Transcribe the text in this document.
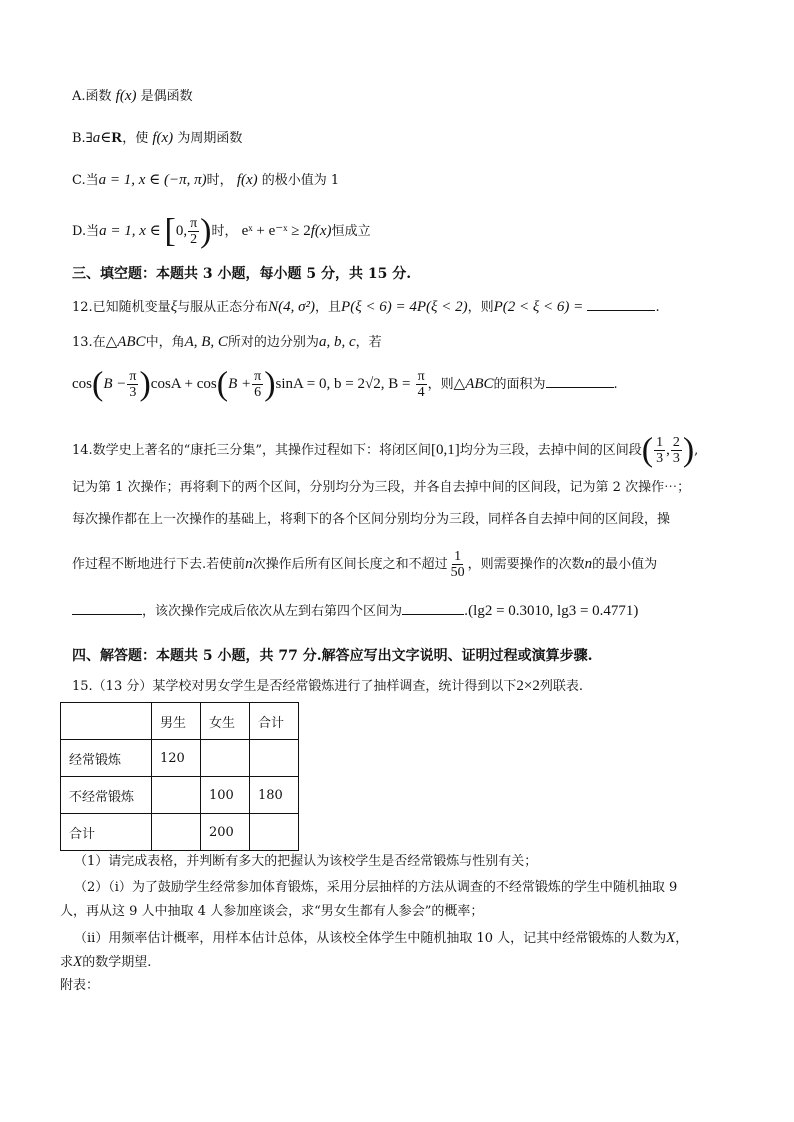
A.函数 f(x) 是偶函数
B.∃a∈R，使 f(x) 为周期函数
C.当a = 1, x ∈ (−π, π)时， f(x) 的极小值为 1
D.当a = 1, x ∈ [0, $\frac{\pi}{2}$ )时， eˣ + e⁻ˣ ≥ 2f(x)恒成立
三、填空题：本题共 3 小题，每小题 5 分，共 15 分.
12.已知随机变量ξ与服从正态分布N(4, σ²)，且P(ξ < 6) = 4P(ξ < 2)，则P(2 < ξ < 6) =	.
13.在△ABC中，角A, B, C所对的边分别为a, b, c，若
$\cos(B - \frac{\pi}{3} )\cos A + \cos(B + \frac{\pi}{6} )\sin A = 0$, b = 2√2, $B = \frac{\pi}{4}$ ，则△ABC的面积为	.
14.数学史上著名的“康托三分集”，其操作过程如下：将闭区间[0,1]均分为三段，去掉中间的区间段( $\frac{1}{3}$ , $\frac{2}{3}$ ),
记为第 1 次操作；再将剩下的两个区间，分别均分为三段，并各自去掉中间的区间段，记为第 2 次操作⋯；
每次操作都在上一次操作的基础上，将剩下的各个区间分别均分为三段，同样各自去掉中间的区间段，操
作过程不断地进行下去.若使前n次操作后所有区间长度之和不超过 $\frac{1}{50}$ ，则需要操作的次数n的最小值为
，该次操作完成后依次从左到右第四个区间为	.(lg2 = 0.3010, lg3 = 0.4771)
四、解答题：本题共 5 小题，共 77 分.解答应写出文字说明、证明过程或演算步骤.
15.（13 分）某学校对男女学生是否经常锻炼进行了抽样调查，统计得到以下2×2列联表.
	男生	女生	合计
经常锻炼	120		
不经常锻炼		100	180
合计		200	
（1）请完成表格，并判断有多大的把握认为该校学生是否经常锻炼与性别有关；
（2）（i）为了鼓励学生经常参加体育锻炼，采用分层抽样的方法从调查的不经常锻炼的学生中随机抽取 9
人，再从这 9 人中抽取 4 人参加座谈会，求“男女生都有人参会”的概率；
（ii）用频率估计概率，用样本估计总体，从该校全体学生中随机抽取 10 人，记其中经常锻炼的人数为X，
求X的数学期望.
附表：
